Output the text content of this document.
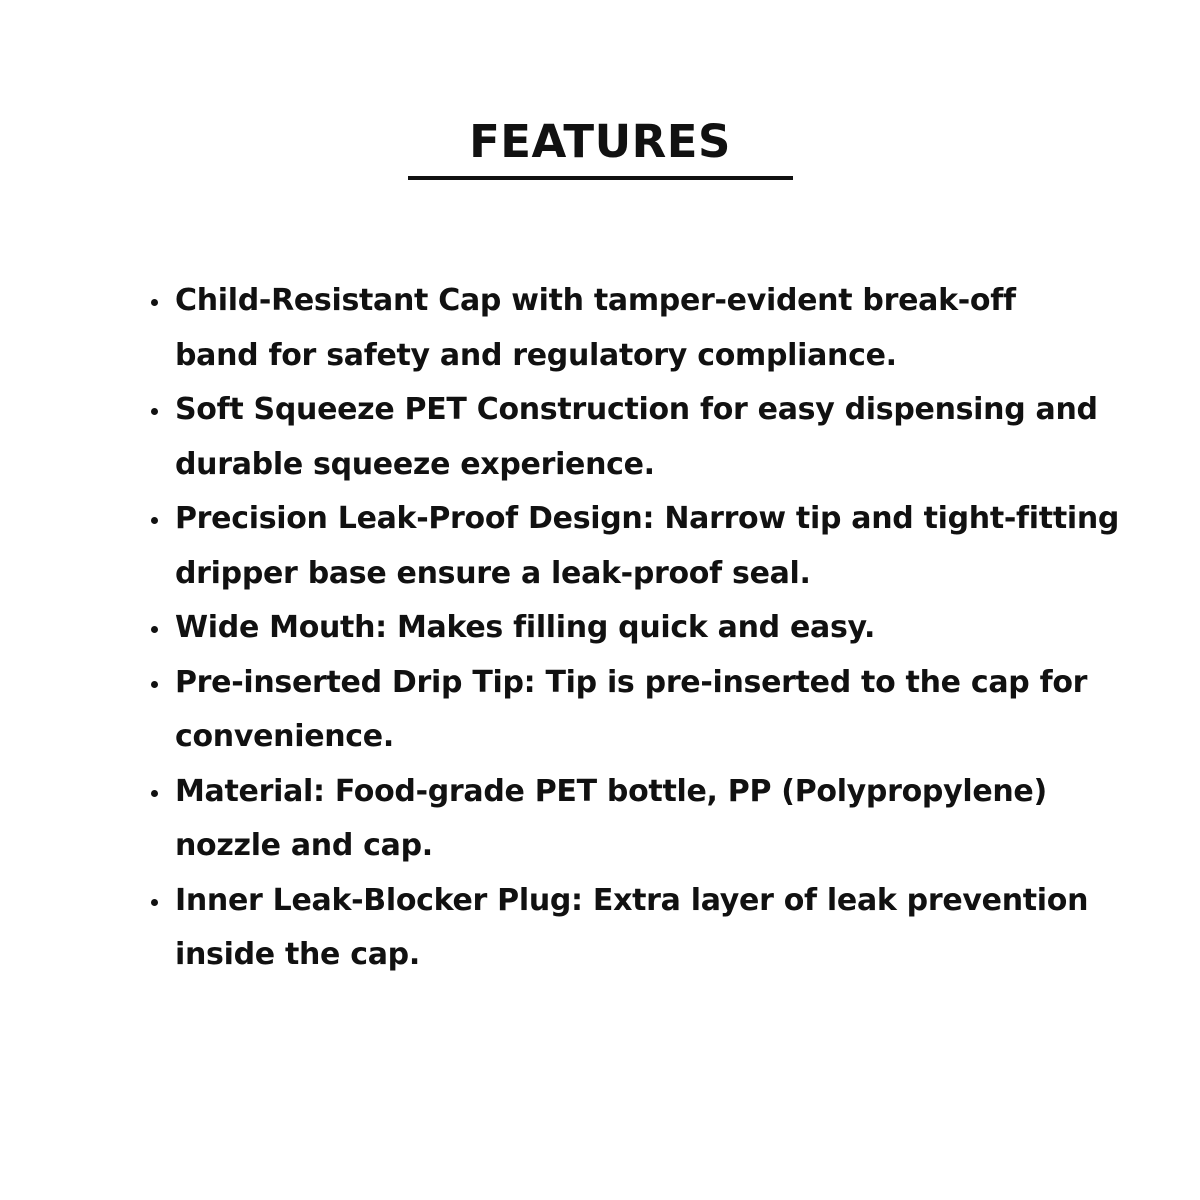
FEATURES
Child-Resistant Cap with tamper-evident break-off
band for safety and regulatory compliance.
Soft Squeeze PET Construction for easy dispensing and
durable squeeze experience.
Precision Leak-Proof Design: Narrow tip and tight-fitting
dripper base ensure a leak-proof seal.
Wide Mouth: Makes filling quick and easy.
Pre-inserted Drip Tip: Tip is pre-inserted to the cap for
convenience.
Material: Food-grade PET bottle, PP (Polypropylene)
nozzle and cap.
Inner Leak-Blocker Plug: Extra layer of leak prevention
inside the cap.
